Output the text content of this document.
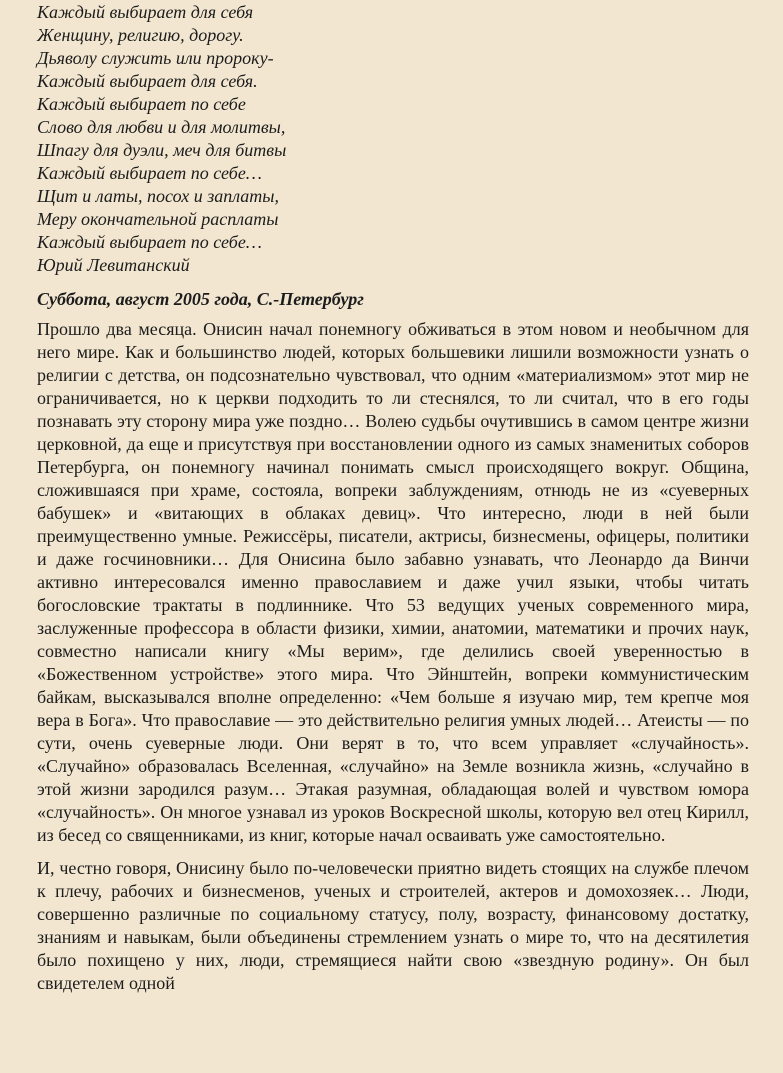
Каждый выбирает для себя
Женщину, религию, дорогу.
Дьяволу служить или пророку-
Каждый выбирает для себя.
Каждый выбирает по себе
Слово для любви и для молитвы,
Шпагу для дуэли, меч для битвы
Каждый выбирает по себе…
Щит и латы, посох и заплаты,
Меру окончательной расплаты
Каждый выбирает по себе…
Юрий Левитанский

Суббота, август 2005 года, С.-Петербург

Прошло два месяца. Онисин начал понемногу обживаться в этом новом и необычном для него мире. Как и большинство людей, которых большевики лишили возможности узнать о религии с детства, он подсознательно чувствовал, что одним «материализмом» этот мир не ограничивается, но к церкви подходить то ли стеснялся, то ли считал, что в его годы познавать эту сторону мира уже поздно… Волею судьбы очутившись в самом центре жизни церковной, да еще и присутствуя при восстановлении одного из самых знаменитых соборов Петербурга, он понемногу начинал понимать смысл происходящего вокруг. Община, сложившаяся при храме, состояла, вопреки заблуждениям, отнюдь не из «суеверных бабушек» и «витающих в облаках девиц». Что интересно, люди в ней были преимущественно умные. Режиссёры, писатели, актрисы, бизнесмены, офицеры, политики и даже госчиновники… Для Онисина было забавно узнавать, что Леонардо да Винчи активно интересовался именно православием и даже учил языки, чтобы читать богословские трактаты в подлиннике. Что 53 ведущих ученых современного мира, заслуженные профессора в области физики, химии, анатомии, математики и прочих наук, совместно написали книгу «Мы верим», где делились своей уверенностью в «Божественном устройстве» этого мира. Что Эйнштейн, вопреки коммунистическим байкам, высказывался вполне определенно: «Чем больше я изучаю мир, тем крепче моя вера в Бога». Что православие — это действительно религия умных людей… Атеисты — по сути, очень суеверные люди. Они верят в то, что всем управляет «случайность». «Случайно» образовалась Вселенная, «случайно» на Земле возникла жизнь, «случайно в этой жизни зародился разум… Этакая разумная, обладающая волей и чувством юмора «случайность». Он многое узнавал из уроков Воскресной школы, которую вел отец Кирилл, из бесед со священниками, из книг, которые начал осваивать уже самостоятельно.

И, честно говоря, Онисину было по-человечески приятно видеть стоящих на службе плечом к плечу, рабочих и бизнесменов, ученых и строителей, актеров и домохозяек… Люди, совершенно различные по социальному статусу, полу, возрасту, финансовому достатку, знаниям и навыкам, были объединены стремлением узнать о мире то, что на десятилетия было похищено у них, люди, стремящиеся найти свою «звездную родину». Он был свидетелем одной
